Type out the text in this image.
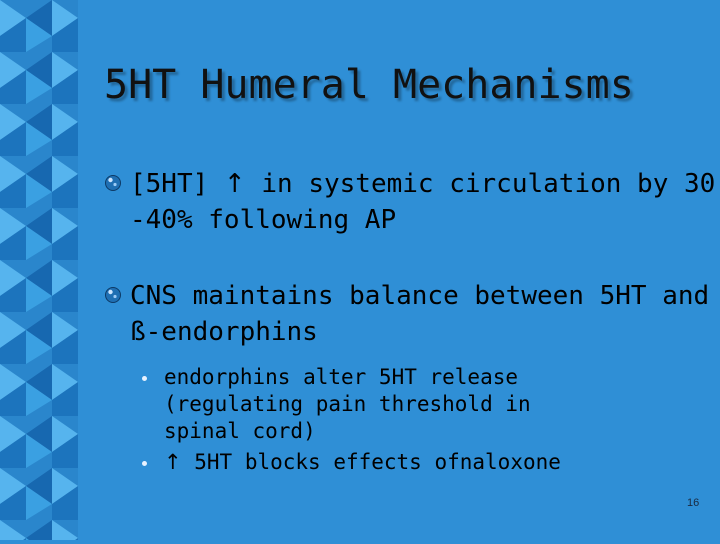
5HT Humeral Mechanisms
[5HT] ↑ in systemic circulation by 30 -40% following AP
CNS maintains balance between 5HT and ß-endorphins
endorphins alter 5HT release (regulating pain threshold in spinal cord)
↑ 5HT blocks effects ofnaloxone
16
